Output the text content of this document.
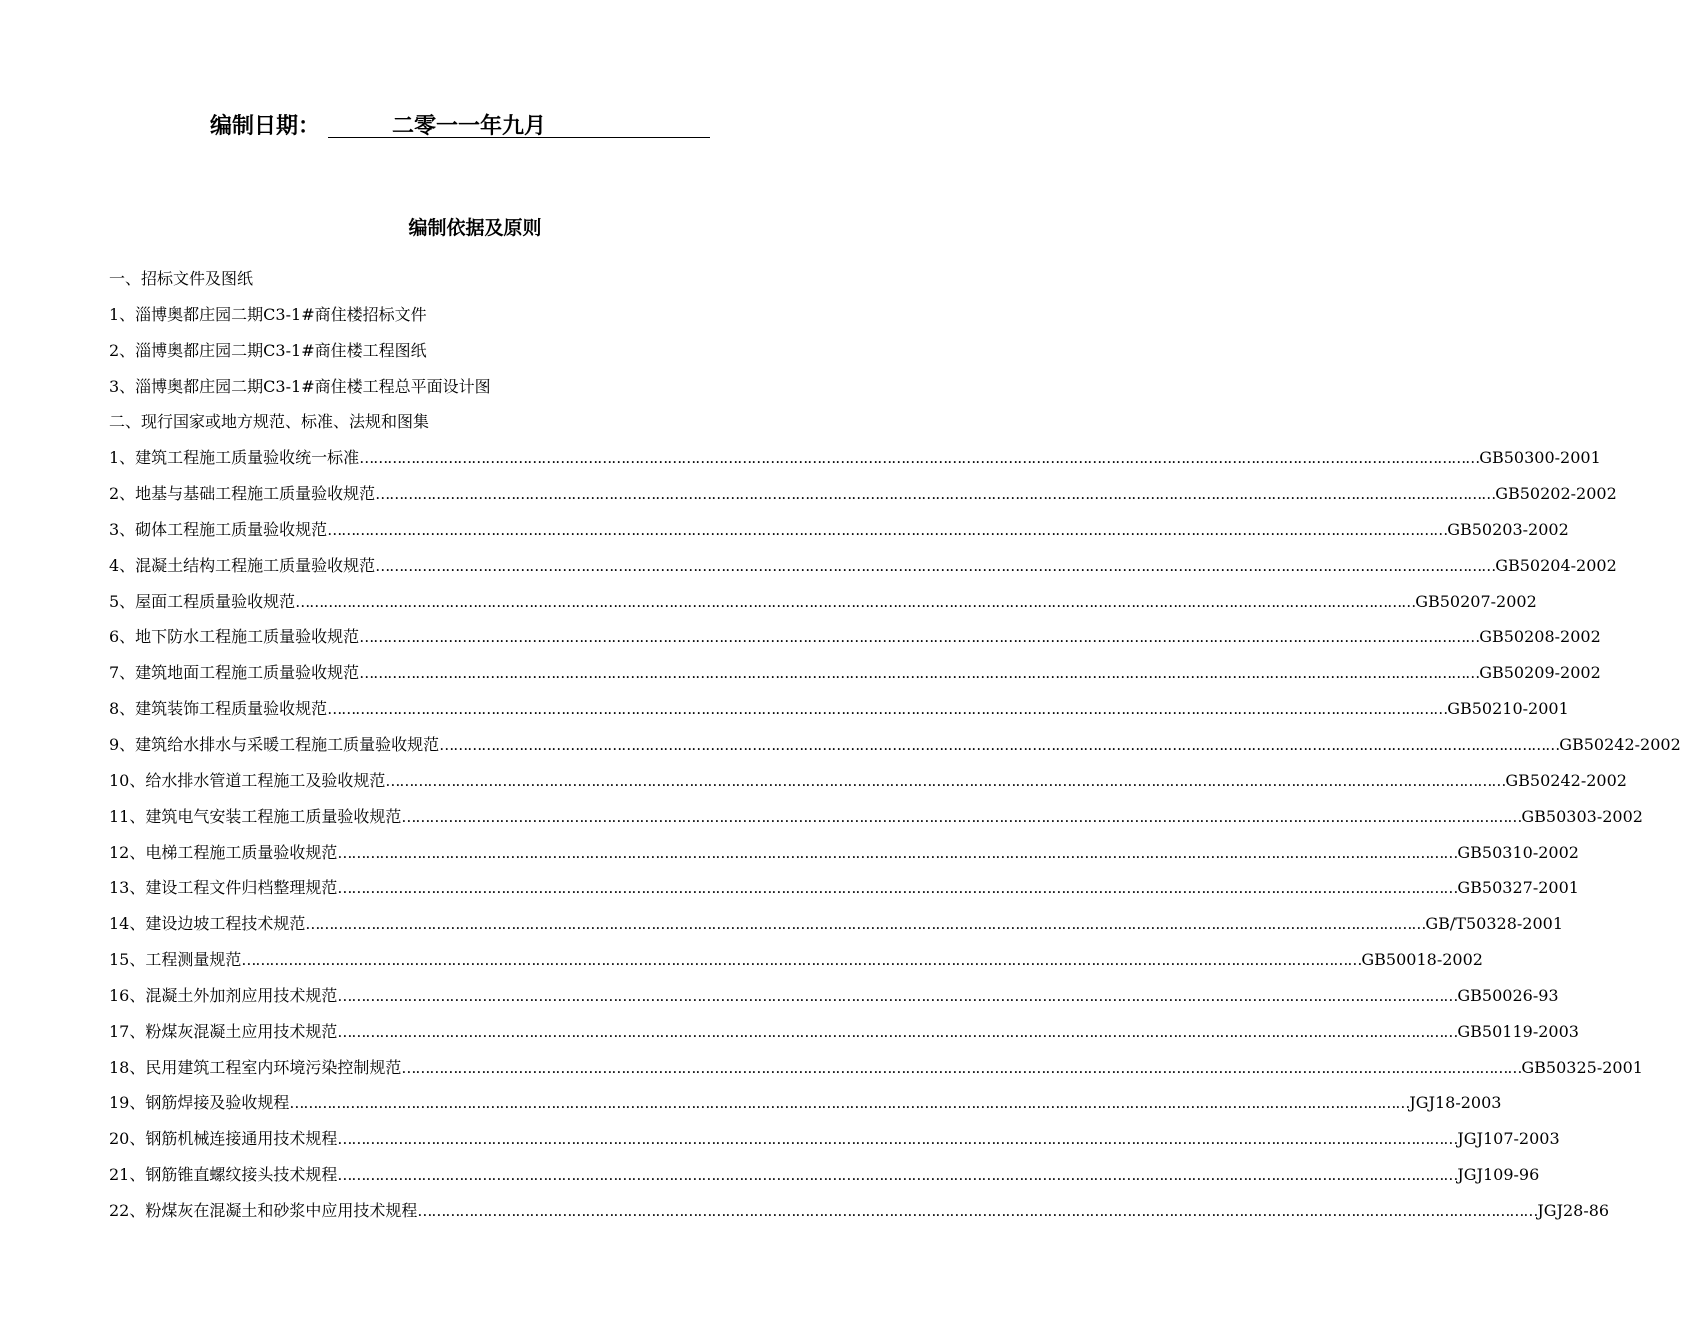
编制日期：	二零一一年九月
编制依据及原则
一、招标文件及图纸
1、淄博奥都庄园二期C3-1#商住楼招标文件
2、淄博奥都庄园二期C3-1#商住楼工程图纸
3、淄博奥都庄园二期C3-1#商住楼工程总平面设计图
二、现行国家或地方规范、标准、法规和图集
1、建筑工程施工质量验收统一标准 …………………………………………………………………………………………………………………………………………………………………………………………………………………… GB50300-2001
2、地基与基础工程施工质量验收规范 …………………………………………………………………………………………………………………………………………………………………………………………………………………… GB50202-2002
3、砌体工程施工质量验收规范 …………………………………………………………………………………………………………………………………………………………………………………………………………………… GB50203-2002
4、混凝土结构工程施工质量验收规范 …………………………………………………………………………………………………………………………………………………………………………………………………………………… GB50204-2002
5、屋面工程质量验收规范 …………………………………………………………………………………………………………………………………………………………………………………………………………………… GB50207-2002
6、地下防水工程施工质量验收规范 …………………………………………………………………………………………………………………………………………………………………………………………………………………… GB50208-2002
7、建筑地面工程施工质量验收规范 …………………………………………………………………………………………………………………………………………………………………………………………………………………… GB50209-2002
8、建筑装饰工程质量验收规范 …………………………………………………………………………………………………………………………………………………………………………………………………………………… GB50210-2001
9、建筑给水排水与采暖工程施工质量验收规范 …………………………………………………………………………………………………………………………………………………………………………………………………………………… GB50242-2002
10、给水排水管道工程施工及验收规范 …………………………………………………………………………………………………………………………………………………………………………………………………………………… GB50242-2002
11、建筑电气安装工程施工质量验收规范 …………………………………………………………………………………………………………………………………………………………………………………………………………………… GB50303-2002
12、电梯工程施工质量验收规范 …………………………………………………………………………………………………………………………………………………………………………………………………………………… GB50310-2002
13、建设工程文件归档整理规范 …………………………………………………………………………………………………………………………………………………………………………………………………………………… GB50327-2001
14、建设边坡工程技术规范 …………………………………………………………………………………………………………………………………………………………………………………………………………………… GB/T50328-2001
15、工程测量规范 …………………………………………………………………………………………………………………………………………………………………………………………………………………… GB50018-2002
16、混凝土外加剂应用技术规范 …………………………………………………………………………………………………………………………………………………………………………………………………………………… GB50026-93
17、粉煤灰混凝土应用技术规范 …………………………………………………………………………………………………………………………………………………………………………………………………………………… GB50119-2003
18、民用建筑工程室内环境污染控制规范 …………………………………………………………………………………………………………………………………………………………………………………………………………………… GB50325-2001
19、钢筋焊接及验收规程 …………………………………………………………………………………………………………………………………………………………………………………………………………………… JGJ18-2003
20、钢筋机械连接通用技术规程 …………………………………………………………………………………………………………………………………………………………………………………………………………………… JGJ107-2003
21、钢筋锥直螺纹接头技术规程 …………………………………………………………………………………………………………………………………………………………………………………………………………………… JGJ109-96
22、粉煤灰在混凝土和砂浆中应用技术规程 …………………………………………………………………………………………………………………………………………………………………………………………………………………… JGJ28-86
